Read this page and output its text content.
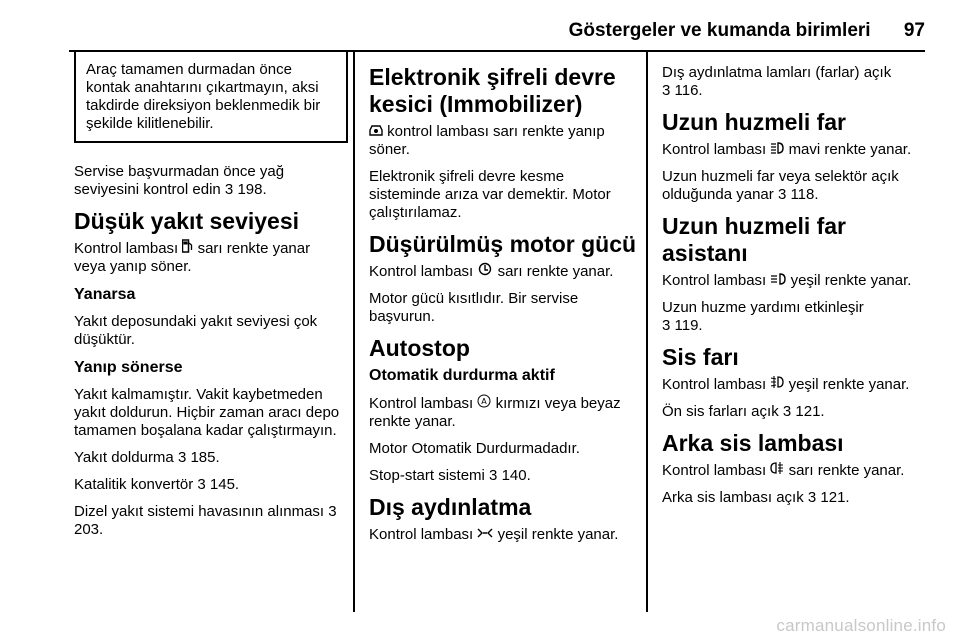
Göstergeler ve kumanda birimleri 97
Araç tamamen durmadan önce kontak anahtarını çıkartmayın, aksi takdirde direksiyon beklenmedik bir şekilde kilitlenebilir.

Servise başvurmadan önce yağ seviyesini kontrol edin 3 198.

Düşük yakıt seviyesi

Kontrol lambası sarı renkte yanar veya yanıp söner.

Yanarsa

Yakıt deposundaki yakıt seviyesi çok düşüktür.

Yanıp sönerse

Yakıt kalmamıştır. Vakit kaybetmeden yakıt doldurun. Hiçbir zaman aracı depo tamamen boşalana kadar çalıştırmayın.

Yakıt doldurma 3 185.

Katalitik konvertör 3 145.

Dizel yakıt sistemi havasının alınması 3 203.

Elektronik şifreli devre kesici (Immobilizer)

kontrol lambası sarı renkte yanıp söner.

Elektronik şifreli devre kesme sisteminde arıza var demektir. Motor çalıştırılamaz.

Düşürülmüş motor gücü

Kontrol lambası sarı renkte yanar.

Motor gücü kısıtlıdır. Bir servise başvurun.

Autostop
Otomatik durdurma aktif

Kontrol lambası A kırmızı veya beyaz renkte yanar.

Motor Otomatik Durdurmadadır.

Stop-start sistemi 3 140.

Dış aydınlatma

Kontrol lambası yeşil renkte yanar.

Dış aydınlatma lamları (farlar) açık
3 116.

Uzun huzmeli far

Kontrol lambası mavi renkte yanar.

Uzun huzmeli far veya selektör açık olduğunda yanar 3 118.

Uzun huzmeli far asistanı

Kontrol lambası yeşil renkte yanar.

Uzun huzme yardımı etkinleşir
3 119.

Sis farı

Kontrol lambası yeşil renkte yanar.

Ön sis farları açık 3 121.

Arka sis lambası

Kontrol lambası sarı renkte yanar.

Arka sis lambası açık 3 121.

carmanualsonline.info
